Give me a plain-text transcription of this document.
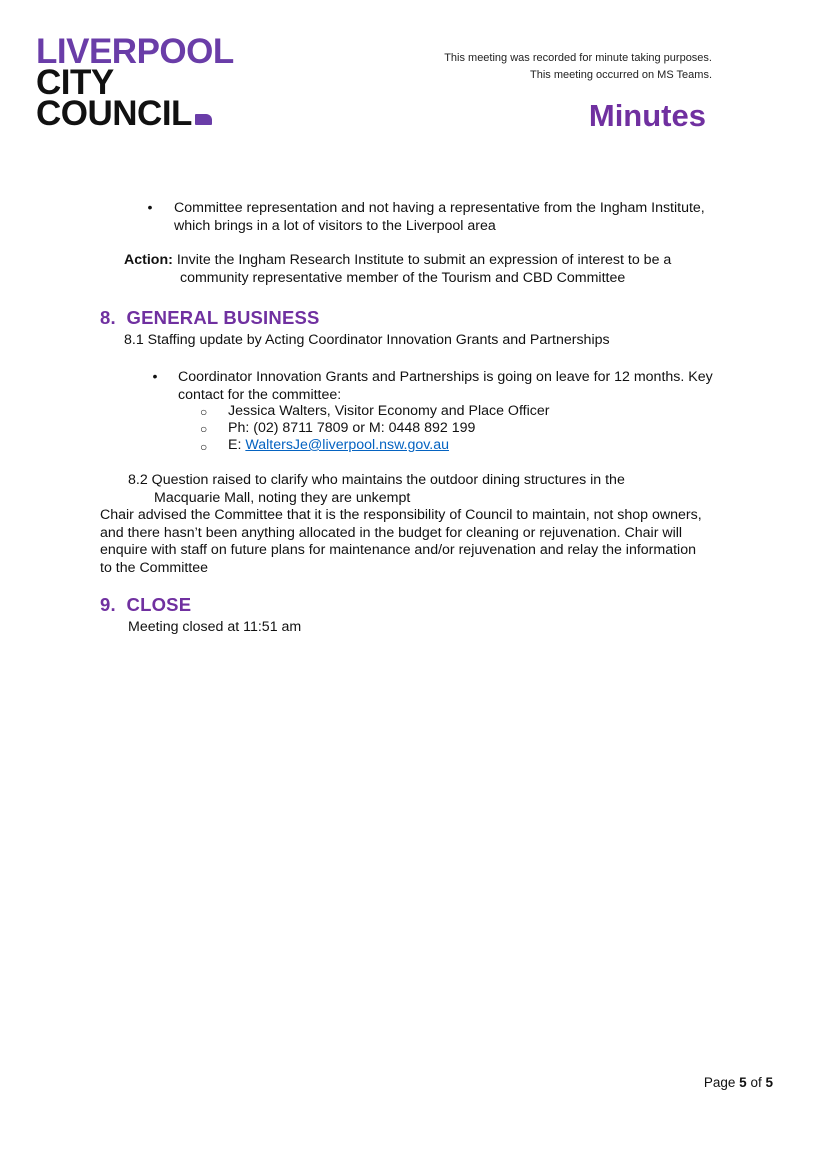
LIVERPOOL
CITY
COUNCIL
This meeting was recorded for minute taking purposes.
This meeting occurred on MS Teams.
Minutes
• Committee representation and not having a representative from the Ingham Institute,
which brings in a lot of visitors to the Liverpool area
Action: Invite the Ingham Research Institute to submit an expression of interest to be a
community representative member of the Tourism and CBD Committee
8. GENERAL BUSINESS
8.1 Staffing update by Acting Coordinator Innovation Grants and Partnerships
• Coordinator Innovation Grants and Partnerships is going on leave for 12 months. Key
contact for the committee:
○ Jessica Walters, Visitor Economy and Place Officer
○ Ph: (02) 8711 7809 or M: 0448 892 199
○ E: WaltersJe@liverpool.nsw.gov.au
8.2 Question raised to clarify who maintains the outdoor dining structures in the
Macquarie Mall, noting they are unkempt
Chair advised the Committee that it is the responsibility of Council to maintain, not shop owners,
and there hasn’t been anything allocated in the budget for cleaning or rejuvenation. Chair will
enquire with staff on future plans for maintenance and/or rejuvenation and relay the information
to the Committee
9. CLOSE
Meeting closed at 11:51 am
Page 5 of 5
